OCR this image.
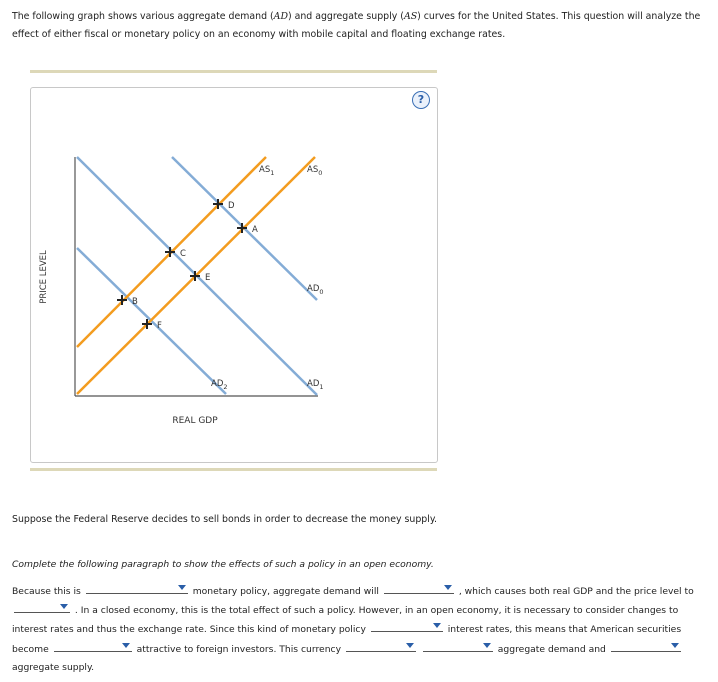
The following graph shows various aggregate demand (AD) and aggregate supply (AS) curves for the United States. This question will analyze the effect of either fiscal or monetary policy on an economy with mobile capital and floating exchange rates.
?
$AS_1$	$AS_0$
$AD_0$
$AD_2$	$AD_1$
D
A
C
E
B
F
PRICE LEVEL
REAL GDP
Suppose the Federal Reserve decides to sell bonds in order to decrease the money supply.
Complete the following paragraph to show the effects of such a policy in an open economy.
Because this is	monetary policy, aggregate demand will	, which causes both real GDP and the price level to  . In a closed economy, this is the total effect of such a policy. However, in an open economy, it is necessary to consider changes to interest rates and thus the exchange rate. Since this kind of monetary policy	interest rates, this means that American securities become	attractive to foreign investors. This currency	aggregate demand and  aggregate supply.
